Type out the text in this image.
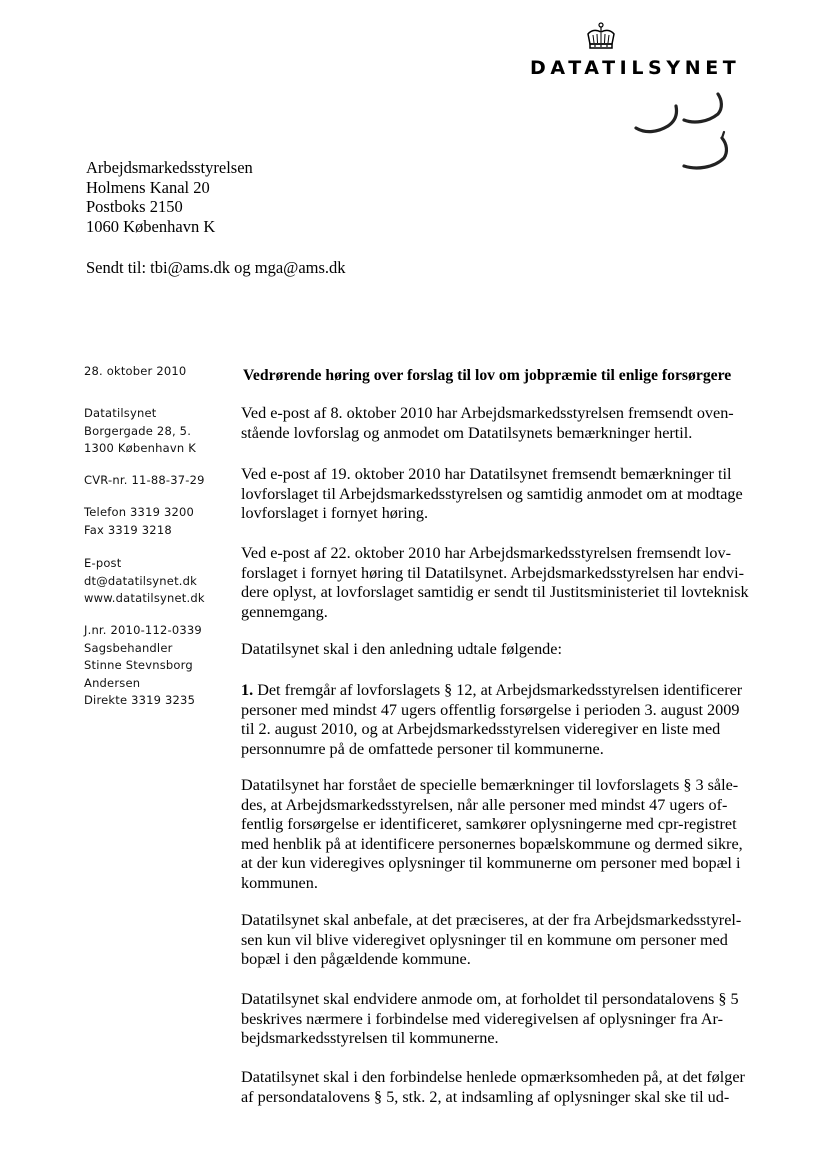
DATATILSYNET
Arbejdsmarkedsstyrelsen
Holmens Kanal 20
Postboks 2150
1060 København K
Sendt til: tbi@ams.dk og mga@ams.dk
28. oktober 2010
Datatilsynet
Borgergade 28, 5.
1300 København K
CVR-nr. 11-88-37-29
Telefon 3319 3200
Fax 3319 3218
E-post
dt@datatilsynet.dk
www.datatilsynet.dk
J.nr. 2010-112-0339
Sagsbehandler
Stinne Stevnsborg
Andersen
Direkte 3319 3235
Vedrørende høring over forslag til lov om jobpræmie til enlige forsørgere
Ved e-post af 8. oktober 2010 har Arbejdsmarkedsstyrelsen fremsendt oven-
stående lovforslag og anmodet om Datatilsynets bemærkninger hertil.
Ved e-post af 19. oktober 2010 har Datatilsynet fremsendt bemærkninger til
lovforslaget til Arbejdsmarkedsstyrelsen og samtidig anmodet om at modtage
lovforslaget i fornyet høring.
Ved e-post af 22. oktober 2010 har Arbejdsmarkedsstyrelsen fremsendt lov-
forslaget i fornyet høring til Datatilsynet. Arbejdsmarkedsstyrelsen har endvi-
dere oplyst, at lovforslaget samtidig er sendt til Justitsministeriet til lovteknisk
gennemgang.
Datatilsynet skal i den anledning udtale følgende:
1. Det fremgår af lovforslagets § 12, at Arbejdsmarkedsstyrelsen identificerer
personer med mindst 47 ugers offentlig forsørgelse i perioden 3. august 2009
til 2. august 2010, og at Arbejdsmarkedsstyrelsen videregiver en liste med
personnumre på de omfattede personer til kommunerne.
Datatilsynet har forstået de specielle bemærkninger til lovforslagets § 3 såle-
des, at Arbejdsmarkedsstyrelsen, når alle personer med mindst 47 ugers of-
fentlig forsørgelse er identificeret, samkører oplysningerne med cpr-registret
med henblik på at identificere personernes bopælskommune og dermed sikre,
at der kun videregives oplysninger til kommunerne om personer med bopæl i
kommunen.
Datatilsynet skal anbefale, at det præciseres, at der fra Arbejdsmarkedsstyrel-
sen kun vil blive videregivet oplysninger til en kommune om personer med
bopæl i den pågældende kommune.
Datatilsynet skal endvidere anmode om, at forholdet til persondatalovens § 5
beskrives nærmere i forbindelse med videregivelsen af oplysninger fra Ar-
bejdsmarkedsstyrelsen til kommunerne.
Datatilsynet skal i den forbindelse henlede opmærksomheden på, at det følger
af persondatalovens § 5, stk. 2, at indsamling af oplysninger skal ske til ud-
